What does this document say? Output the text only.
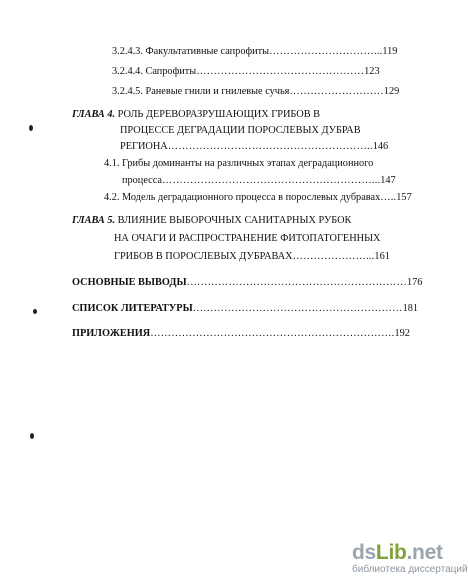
3.2.4.3. Факультативные сапрофиты…………………………...119
3.2.4.4. Сапрофиты…………………………………………123
3.2.4.5. Раневые гнили и гнилевые сучья………………………129
ГЛАВА 4. РОЛЬ ДЕРЕВОРАЗРУШАЮЩИХ ГРИБОВ В
ПРОЦЕССЕ ДЕГРАДАЦИИ ПОРОСЛЕВЫХ ДУБРАВ
РЕГИОНА…………………………………………………..146
4.1. Грибы доминанты на различных этапах деградационного
процесса……………………………………………………...147
4.2. Модель деградационного процесса в порослевых дубравах…..157
ГЛАВА 5. ВЛИЯНИЕ ВЫБОРОЧНЫХ САНИТАРНЫХ РУБОК
НА ОЧАГИ И РАСПРОСТРАНЕНИЕ ФИТОПАТОГЕННЫХ
ГРИБОВ В ПОРОСЛЕВЫХ ДУБРАВАХ…………………...161
ОСНОВНЫЕ ВЫВОДЫ………………………………………………………176
СПИСОК ЛИТЕРАТУРЫ……………………………………………………181
ПРИЛОЖЕНИЯ…………………………………………………………….192
dsLib.net
библиотека диссертаций
